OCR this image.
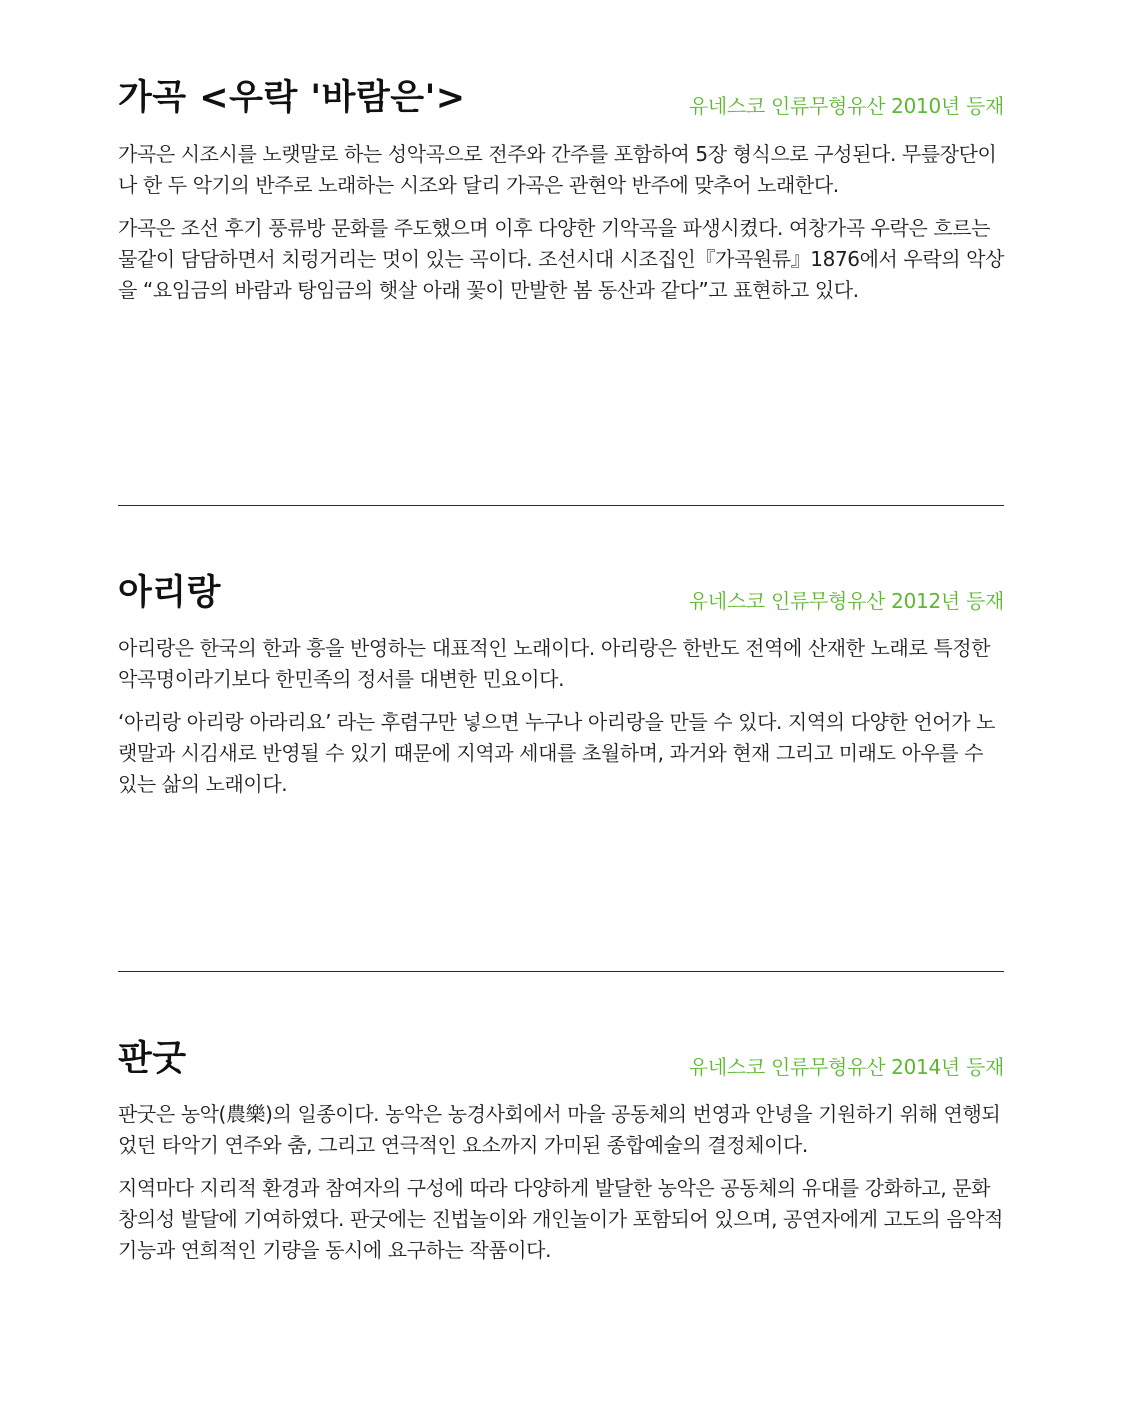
가곡 <우락 '바람은'>	유네스코 인류무형유산 2010년 등재

가곡은 시조시를 노랫말로 하는 성악곡으로 전주와 간주를 포함하여 5장 형식으로 구성된다. 무릎장단이나 한 두 악기의 반주로 노래하는 시조와 달리 가곡은 관현악 반주에 맞추어 노래한다.

가곡은 조선 후기 풍류방 문화를 주도했으며 이후 다양한 기악곡을 파생시켰다. 여창가곡 우락은 흐르는 물같이 담담하면서 치렁거리는 멋이 있는 곡이다. 조선시대 시조집인『가곡원류』1876에서 우락의 악상을 “요임금의 바람과 탕임금의 햇살 아래 꽃이 만발한 봄 동산과 같다”고 표현하고 있다.

아리랑	유네스코 인류무형유산 2012년 등재

아리랑은 한국의 한과 흥을 반영하는 대표적인 노래이다. 아리랑은 한반도 전역에 산재한 노래로 특정한 악곡명이라기보다 한민족의 정서를 대변한 민요이다.

‘아리랑 아리랑 아라리요’ 라는 후렴구만 넣으면 누구나 아리랑을 만들 수 있다. 지역의 다양한 언어가 노랫말과 시김새로 반영될 수 있기 때문에 지역과 세대를 초월하며, 과거와 현재 그리고 미래도 아우를 수 있는 삶의 노래이다.

판굿	유네스코 인류무형유산 2014년 등재

판굿은 농악(農樂)의 일종이다. 농악은 농경사회에서 마을 공동체의 번영과 안녕을 기원하기 위해 연행되었던 타악기 연주와 춤, 그리고 연극적인 요소까지 가미된 종합예술의 결정체이다.

지역마다 지리적 환경과 참여자의 구성에 따라 다양하게 발달한 농악은 공동체의 유대를 강화하고, 문화 창의성 발달에 기여하였다. 판굿에는 진법놀이와 개인놀이가 포함되어 있으며, 공연자에게 고도의 음악적 기능과 연희적인 기량을 동시에 요구하는 작품이다.
